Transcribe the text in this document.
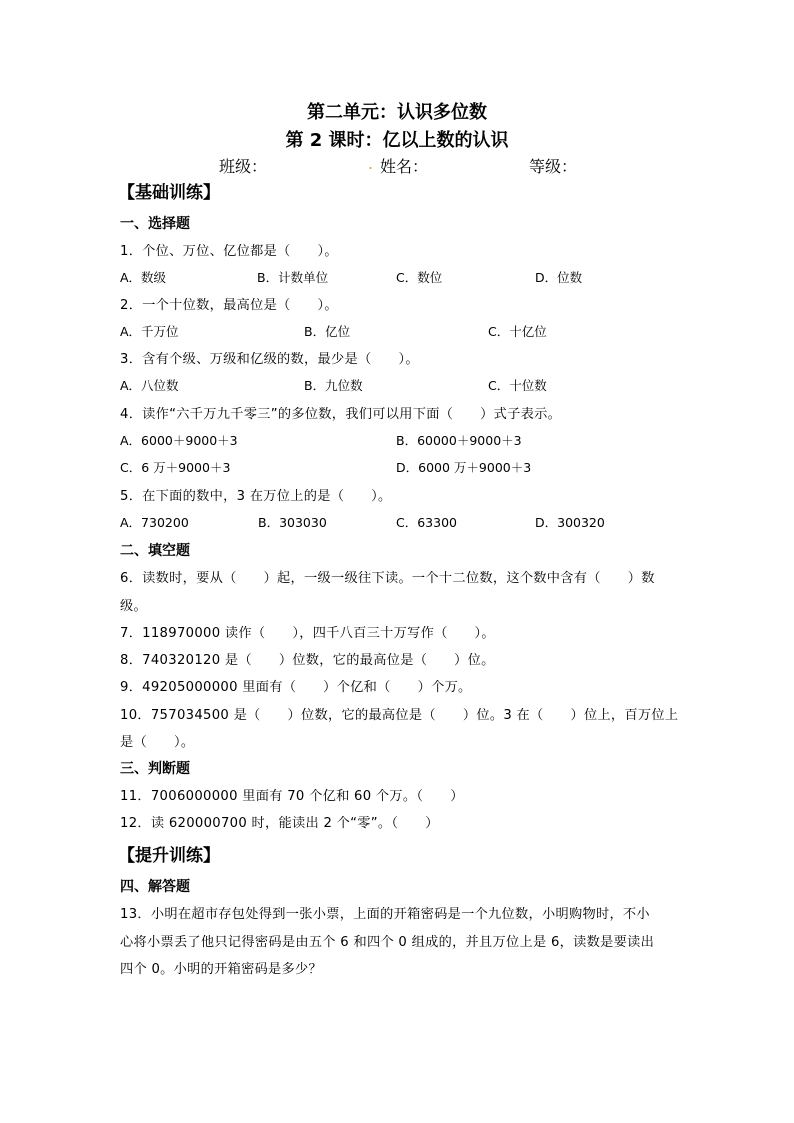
第二单元：认识多位数
第 2 课时：亿以上数的认识
班级：	. 姓名：	等级：
【基础训练】
一、选择题
1．个位、万位、亿位都是（　　）。
A．数级	B．计数单位	C．数位	D．位数
2．一个十位数，最高位是（　　）。
A．千万位	B．亿位	C．十亿位
3．含有个级、万级和亿级的数，最少是（　　）。
A．八位数	B．九位数	C．十位数
4．读作“六千万九千零三”的多位数，我们可以用下面（　　）式子表示。
A．6000＋9000＋3	B．60000＋9000＋3
C．6 万＋9000＋3	D．6000 万＋9000＋3
5．在下面的数中，3 在万位上的是（　　）。
A．730200	B．303030	C．63300	D．300320
二、填空题
6．读数时，要从（　　）起，一级一级往下读。一个十二位数，这个数中含有（　　）数
级。
7．118970000 读作（　　），四千八百三十万写作（　　）。
8．740320120 是（　　）位数，它的最高位是（　　）位。
9．49205000000 里面有（　　）个亿和（　　）个万。
10．757034500 是（　　）位数，它的最高位是（　　）位。3 在（　　）位上，百万位上
是（　　）。
三、判断题
11．7006000000 里面有 70 个亿和 60 个万。（　　）
12．读 620000700 时，能读出 2 个“零”。（　　）
【提升训练】
四、解答题
13．小明在超市存包处得到一张小票，上面的开箱密码是一个九位数，小明购物时，不小
心将小票丢了他只记得密码是由五个 6 和四个 0 组成的，并且万位上是 6，读数是要读出
四个 0。小明的开箱密码是多少？
